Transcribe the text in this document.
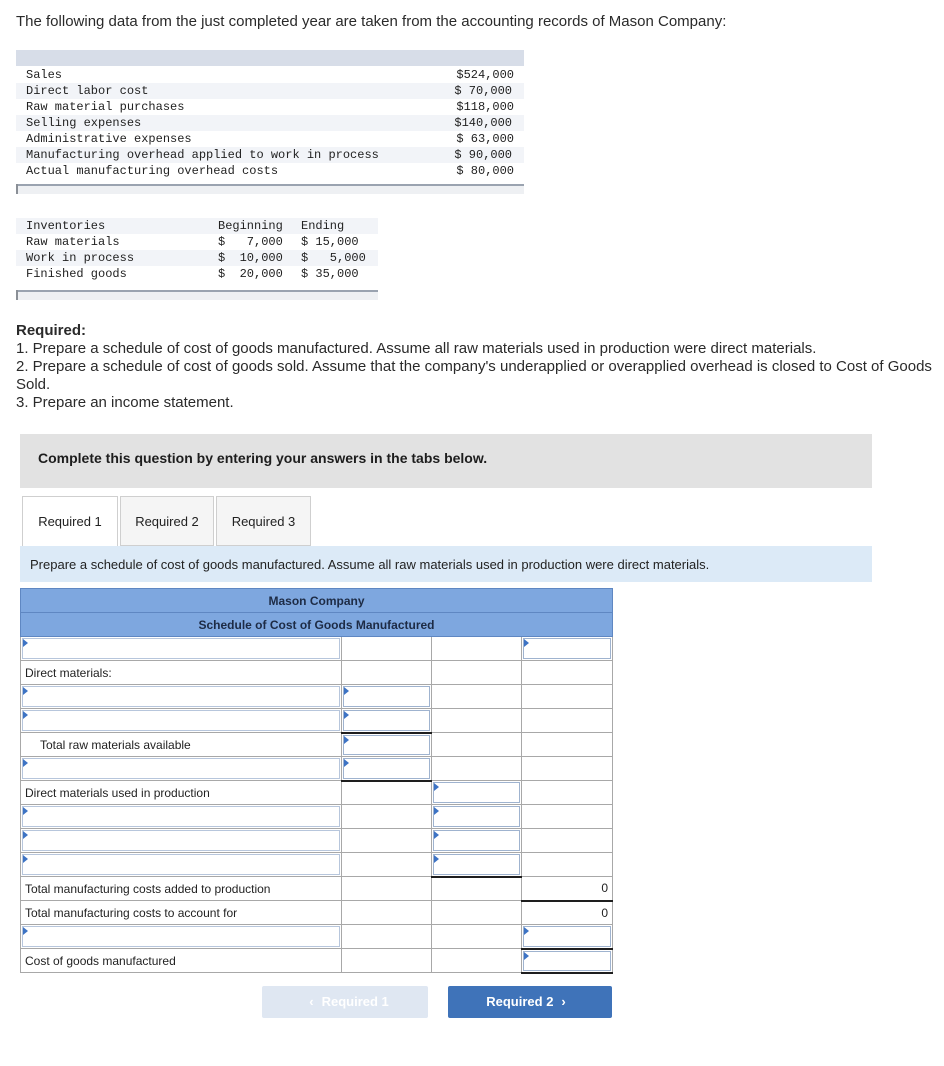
The following data from the just completed year are taken from the accounting records of Mason Company:
Sales	$524,000
Direct labor cost	$ 70,000
Raw material purchases	$118,000
Selling expenses	$140,000
Administrative expenses	$ 63,000
Manufacturing overhead applied to work in process	$ 90,000
Actual manufacturing overhead costs	$ 80,000
Inventories	Beginning	Ending
Raw materials	$   7,000	$ 15,000
Work in process	$  10,000	$   5,000
Finished goods	$  20,000	$ 35,000
Required:
1. Prepare a schedule of cost of goods manufactured. Assume all raw materials used in production were direct materials.
2. Prepare a schedule of cost of goods sold. Assume that the company's underapplied or overapplied overhead is closed to Cost of Goods Sold.
3. Prepare an income statement.
Complete this question by entering your answers in the tabs below.
Required 1	Required 2	Required 3
Prepare a schedule of cost of goods manufactured. Assume all raw materials used in production were direct materials.
Mason Company			
Schedule of Cost of Goods Manufactured			

Direct materials:			

Total raw materials available	

Direct materials used in production		

Total manufacturing costs added to production			0
Total manufacturing costs to account for			0

Cost of goods manufactured			
‹ Required 1	Required 2 ›
